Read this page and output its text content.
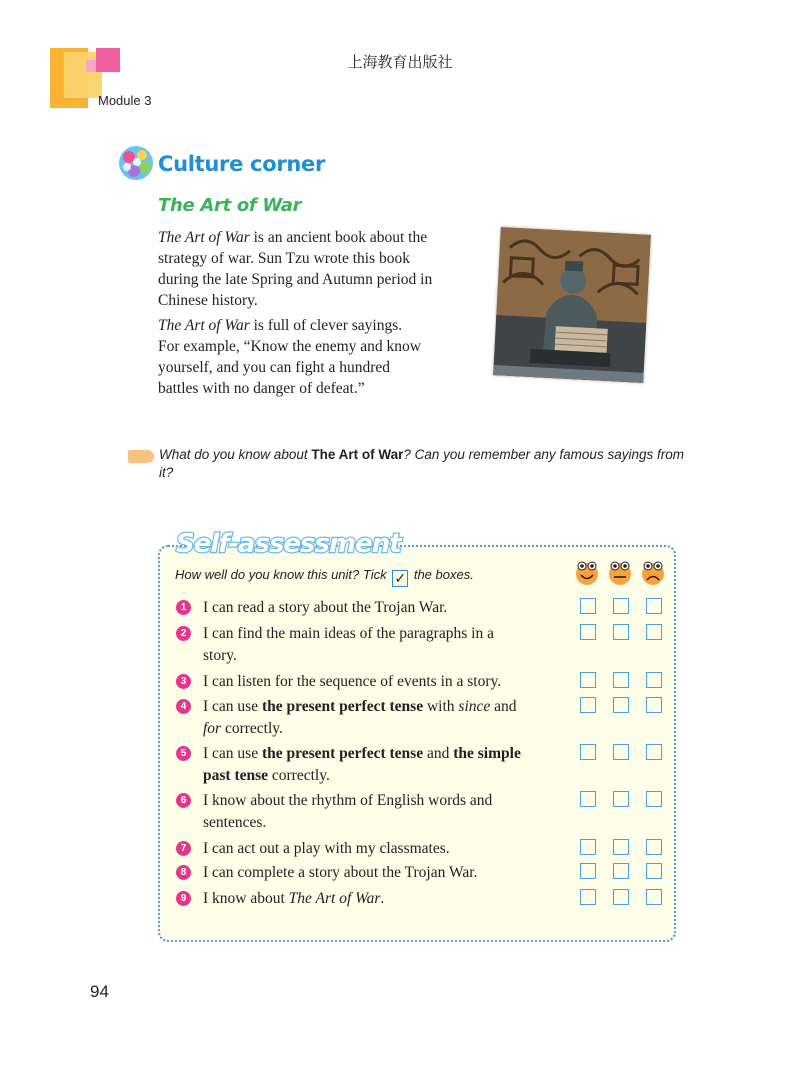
Module 3
上海教育出版社
Culture corner
The Art of War
The Art of War is an ancient book about the
strategy of war. Sun Tzu wrote this book
during the late Spring and Autumn period in
Chinese history.
The Art of War is full of clever sayings.
For example, “Know the enemy and know
yourself, and you can fight a hundred
battles with no danger of defeat.”
What do you know about The Art of War? Can you remember any famous sayings from it?
Self-assessment
How well do you know this unit? Tick ✓ the boxes.
1	I can read a story about the Trojan War.
2	I can find the main ideas of the paragraphs in a
story.
3	I can listen for the sequence of events in a story.
4	I can use the present perfect tense with since and
for correctly.
5	I can use the present perfect tense and the simple
past tense correctly.
6	I know about the rhythm of English words and
sentences.
7	I can act out a play with my classmates.
8	I can complete a story about the Trojan War.
9	I know about The Art of War.
94
